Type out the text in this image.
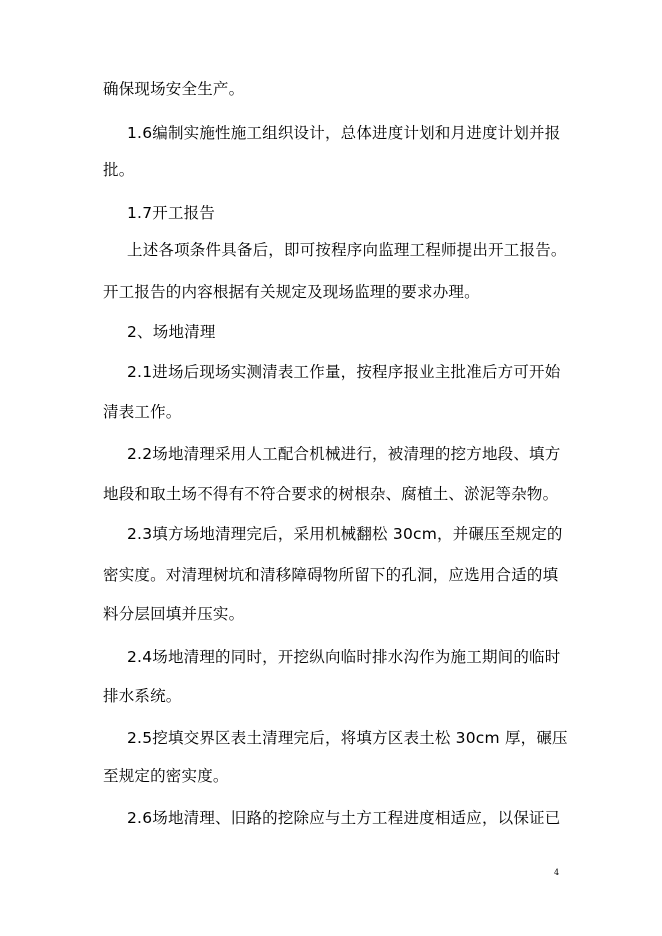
确保现场安全生产。
1.6编制实施性施工组织设计，总体进度计划和月进度计划并报
批。
1.7开工报告
上述各项条件具备后，即可按程序向监理工程师提出开工报告。
开工报告的内容根据有关规定及现场监理的要求办理。
2、场地清理
2.1进场后现场实测清表工作量，按程序报业主批准后方可开始
清表工作。
2.2场地清理采用人工配合机械进行，被清理的挖方地段、填方
地段和取土场不得有不符合要求的树根杂、腐植土、淤泥等杂物。
2.3填方场地清理完后，采用机械翻松 30cm，并碾压至规定的
密实度。对清理树坑和清移障碍物所留下的孔洞，应选用合适的填
料分层回填并压实。
2.4场地清理的同时，开挖纵向临时排水沟作为施工期间的临时
排水系统。
2.5挖填交界区表土清理完后，将填方区表土松 30cm 厚，碾压
至规定的密实度。
2.6场地清理、旧路的挖除应与土方工程进度相适应，以保证已
4
